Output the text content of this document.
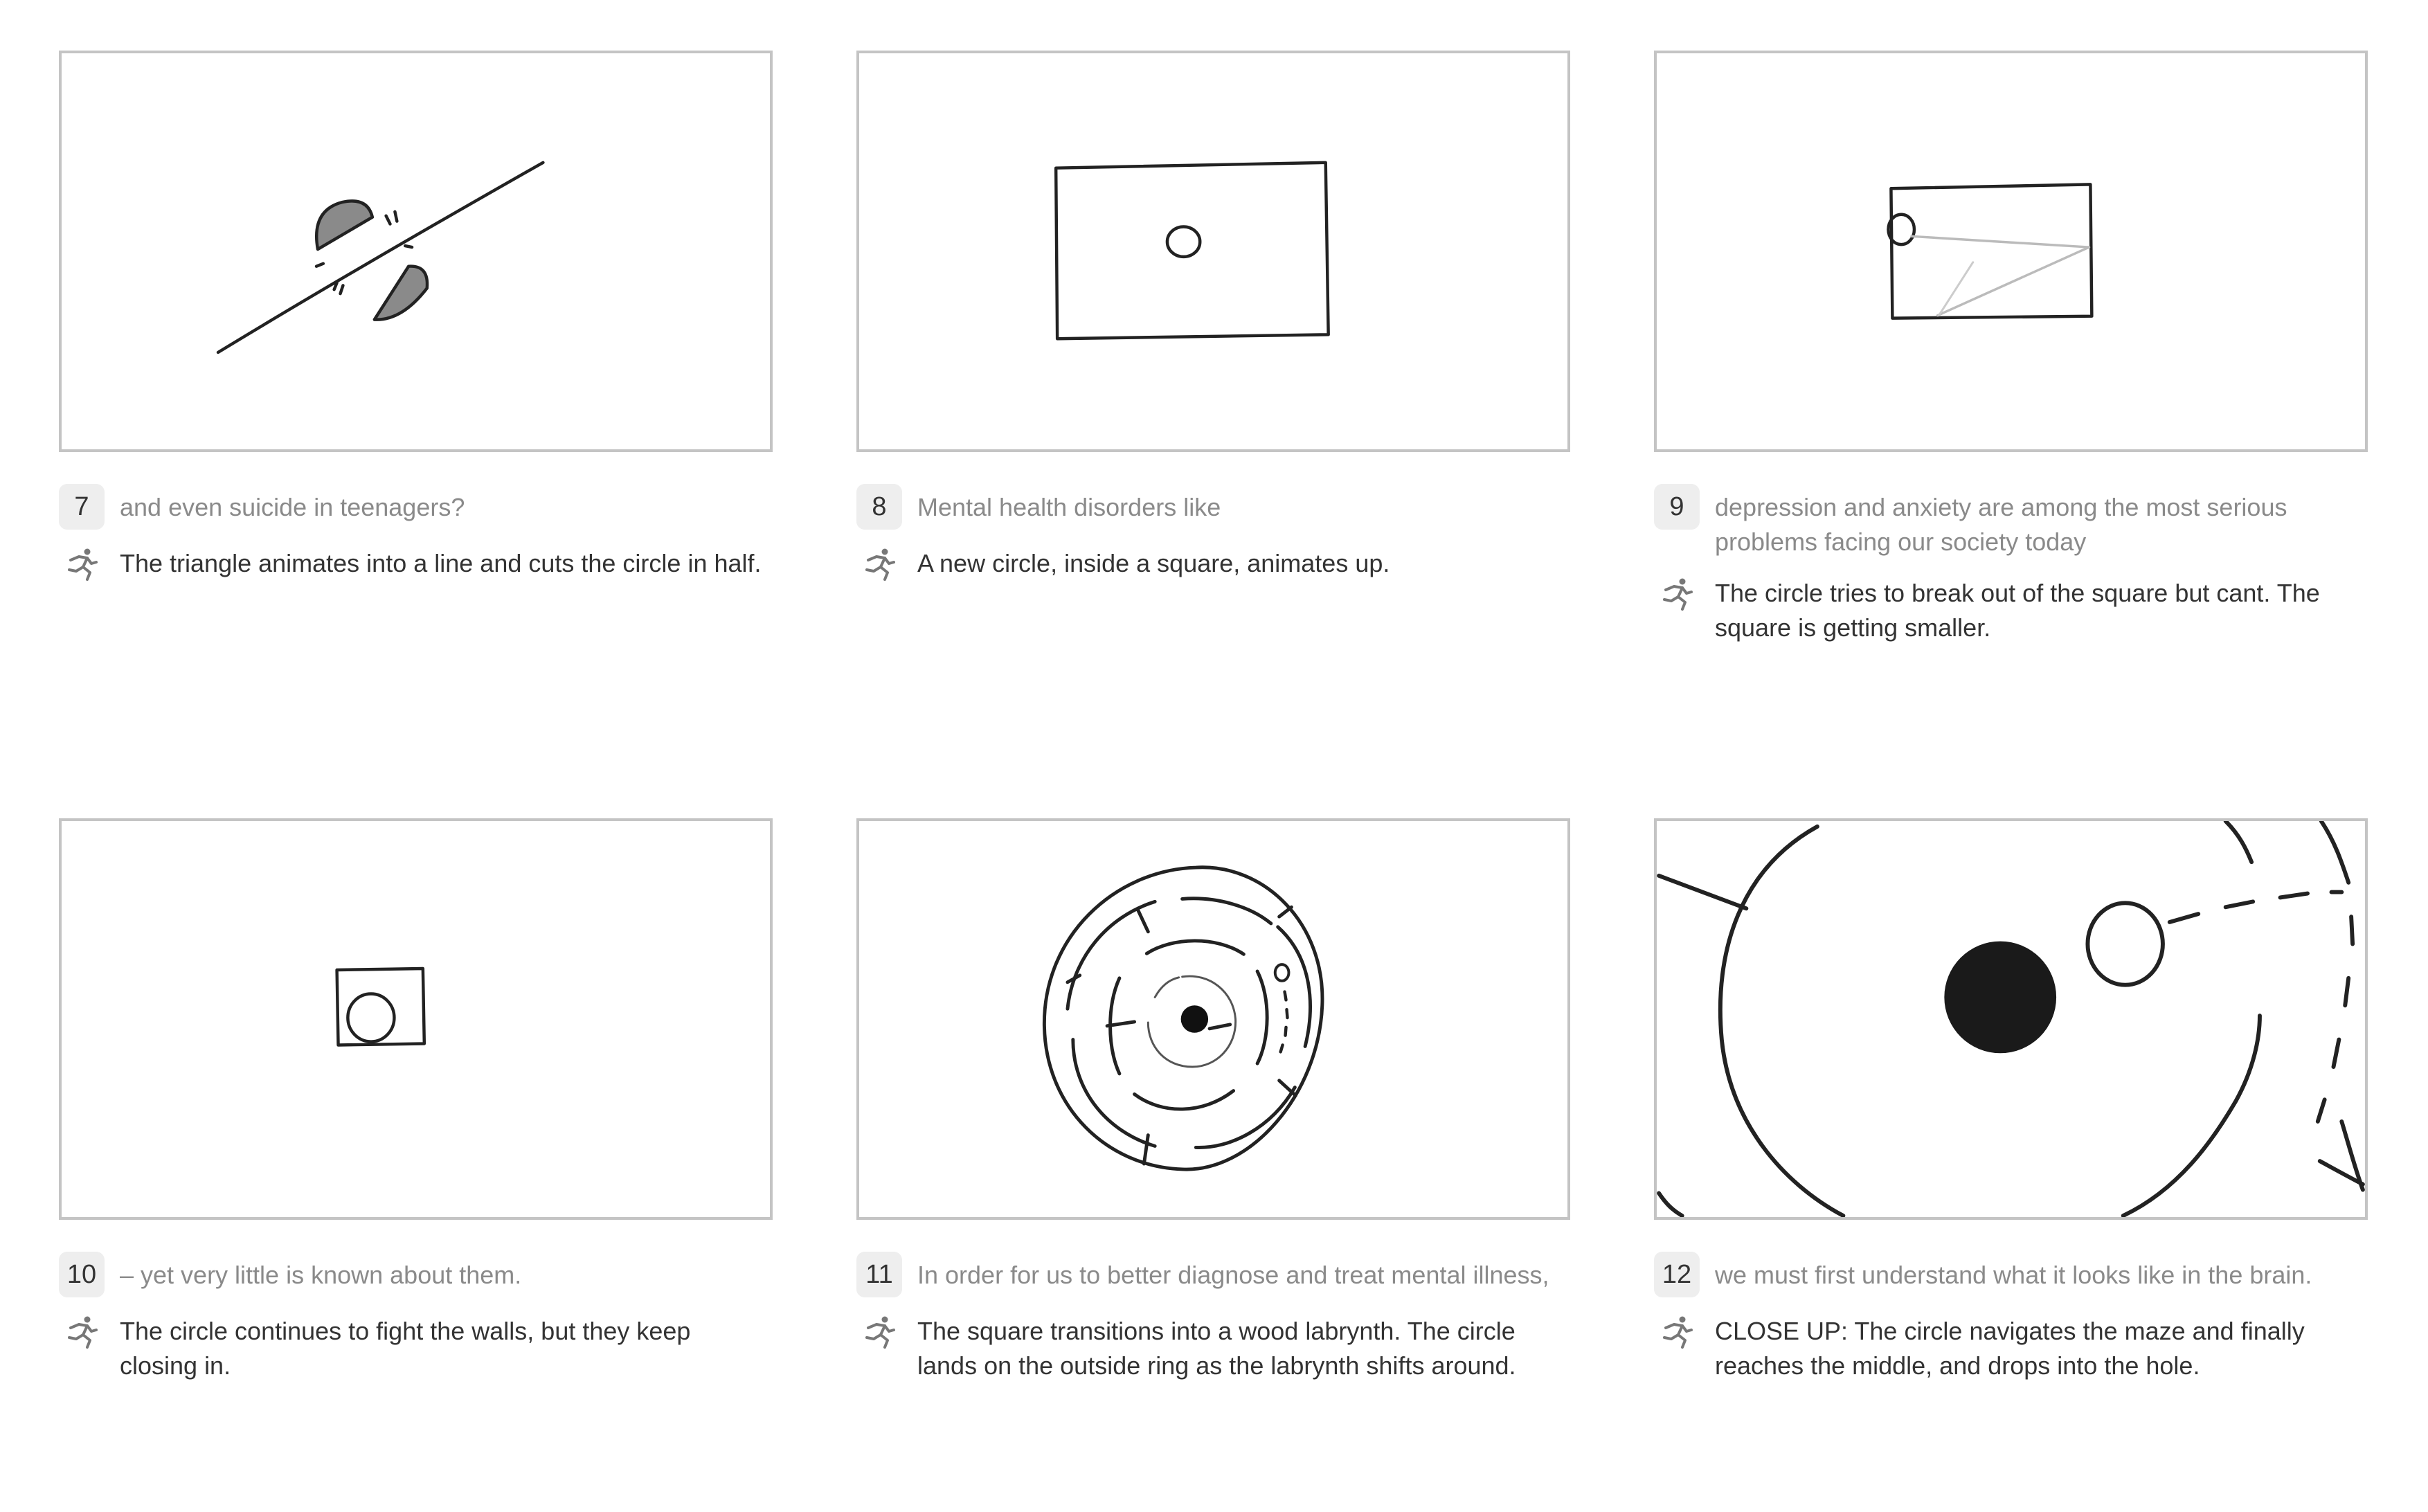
7	and even suicide in teenagers?
The triangle animates into a line and cuts the circle in half.
8	Mental health disorders like
A new circle, inside a square, animates up.
9	depression and anxiety are among the most serious problems facing our society today
The circle tries to break out of the square but cant. The square is getting smaller.
10 – yet very little is known about them.
The circle continues to fight the walls, but they keep closing in.
11 In order for us to better diagnose and treat mental illness,
The square transitions into a wood labrynth. The circle lands on the outside ring as the labrynth shifts around.
12 we must first understand what it looks like in the brain.
CLOSE UP: The circle navigates the maze and finally reaches the middle, and drops into the hole.
